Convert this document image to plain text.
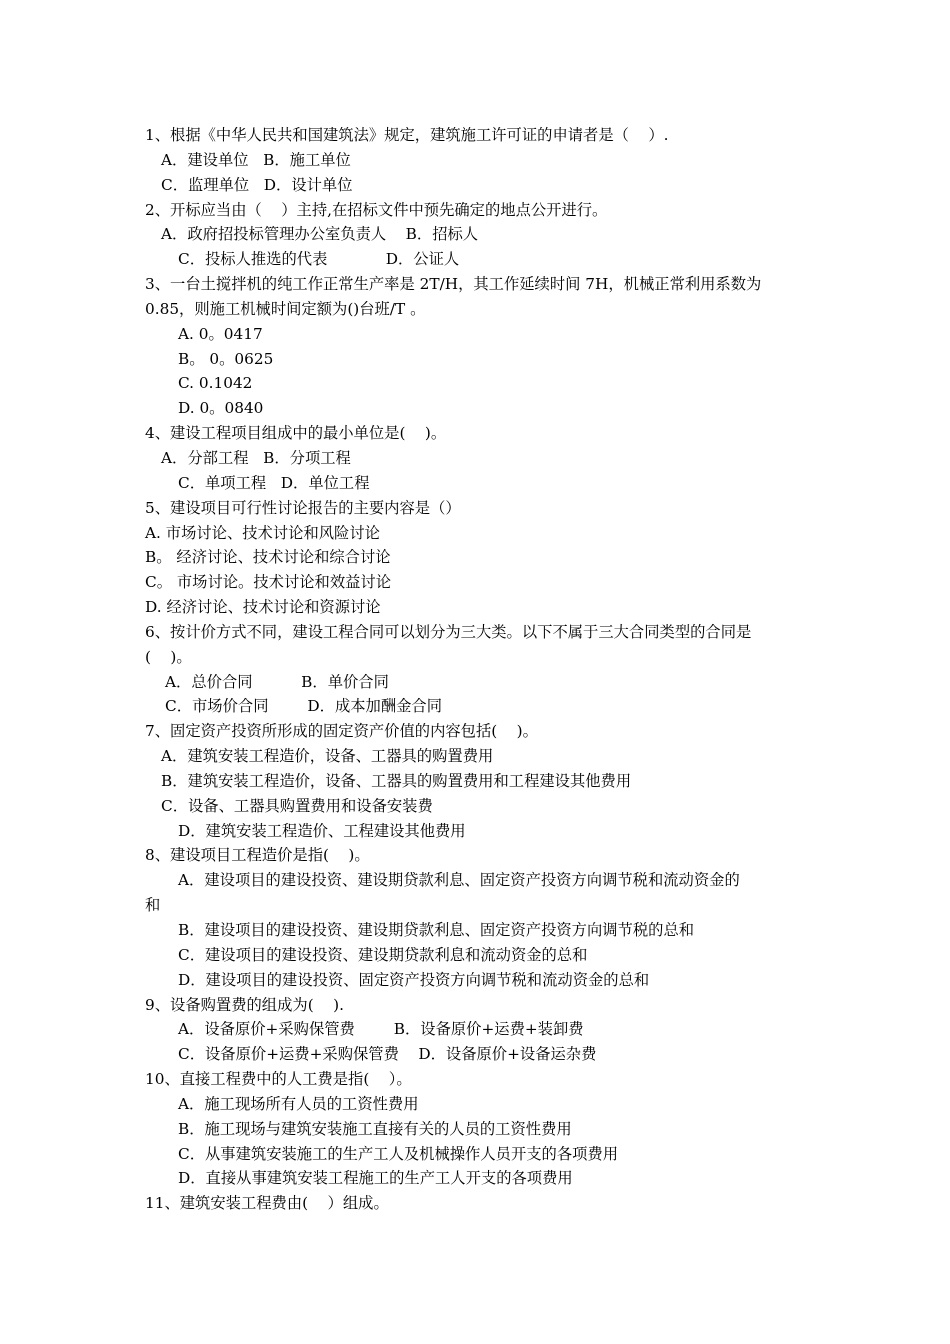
1、根据《中华人民共和国建筑法》规定，建筑施工许可证的申请者是（    ）.
A．建设单位   B．施工单位
C．监理单位   D．设计单位
2、开标应当由（    ）主持,在招标文件中预先确定的地点公开进行。
A．政府招投标管理办公室负责人    B．招标人
C．投标人推选的代表            D．公证人
3、一台土搅拌机的纯工作正常生产率是 2T/H，其工作延续时间 7H，机械正常利用系数为
0.85，则施工机械时间定额为()台班/T 。
A. 0。0417
B。 0。0625
C. 0.1042
D. 0。0840
4、建设工程项目组成中的最小单位是(    )。
A．分部工程   B．分项工程
C．单项工程   D．单位工程
5、建设项目可行性讨论报告的主要内容是（）
A. 市场讨论、技术讨论和风险讨论
B。 经济讨论、技术讨论和综合讨论
C。 市场讨论。技术讨论和效益讨论
D. 经济讨论、技术讨论和资源讨论
6、按计价方式不同，建设工程合同可以划分为三大类。以下不属于三大合同类型的合同是
(    )。
A．总价合同          B．单价合同
C．市场价合同        D．成本加酬金合同
7、固定资产投资所形成的固定资产价值的内容包括(    )。
A．建筑安装工程造价，设备、工器具的购置费用
B．建筑安装工程造价，设备、工器具的购置费用和工程建设其他费用
C．设备、工器具购置费用和设备安装费
D．建筑安装工程造价、工程建设其他费用
8、建设项目工程造价是指(    )。
A．建设项目的建设投资、建设期贷款利息、固定资产投资方向调节税和流动资金的
和
B．建设项目的建设投资、建设期贷款利息、固定资产投资方向调节税的总和
C．建设项目的建设投资、建设期贷款利息和流动资金的总和
D．建设项目的建设投资、固定资产投资方向调节税和流动资金的总和
9、设备购置费的组成为(    ).
A．设备原价+采购保管费        B．设备原价+运费+装卸费
C．设备原价+运费+采购保管费    D．设备原价+设备运杂费
10、直接工程费中的人工费是指(    ）。
A．施工现场所有人员的工资性费用
B．施工现场与建筑安装施工直接有关的人员的工资性费用
C．从事建筑安装施工的生产工人及机械操作人员开支的各项费用
D．直接从事建筑安装工程施工的生产工人开支的各项费用
11、建筑安装工程费由(    ）组成。
